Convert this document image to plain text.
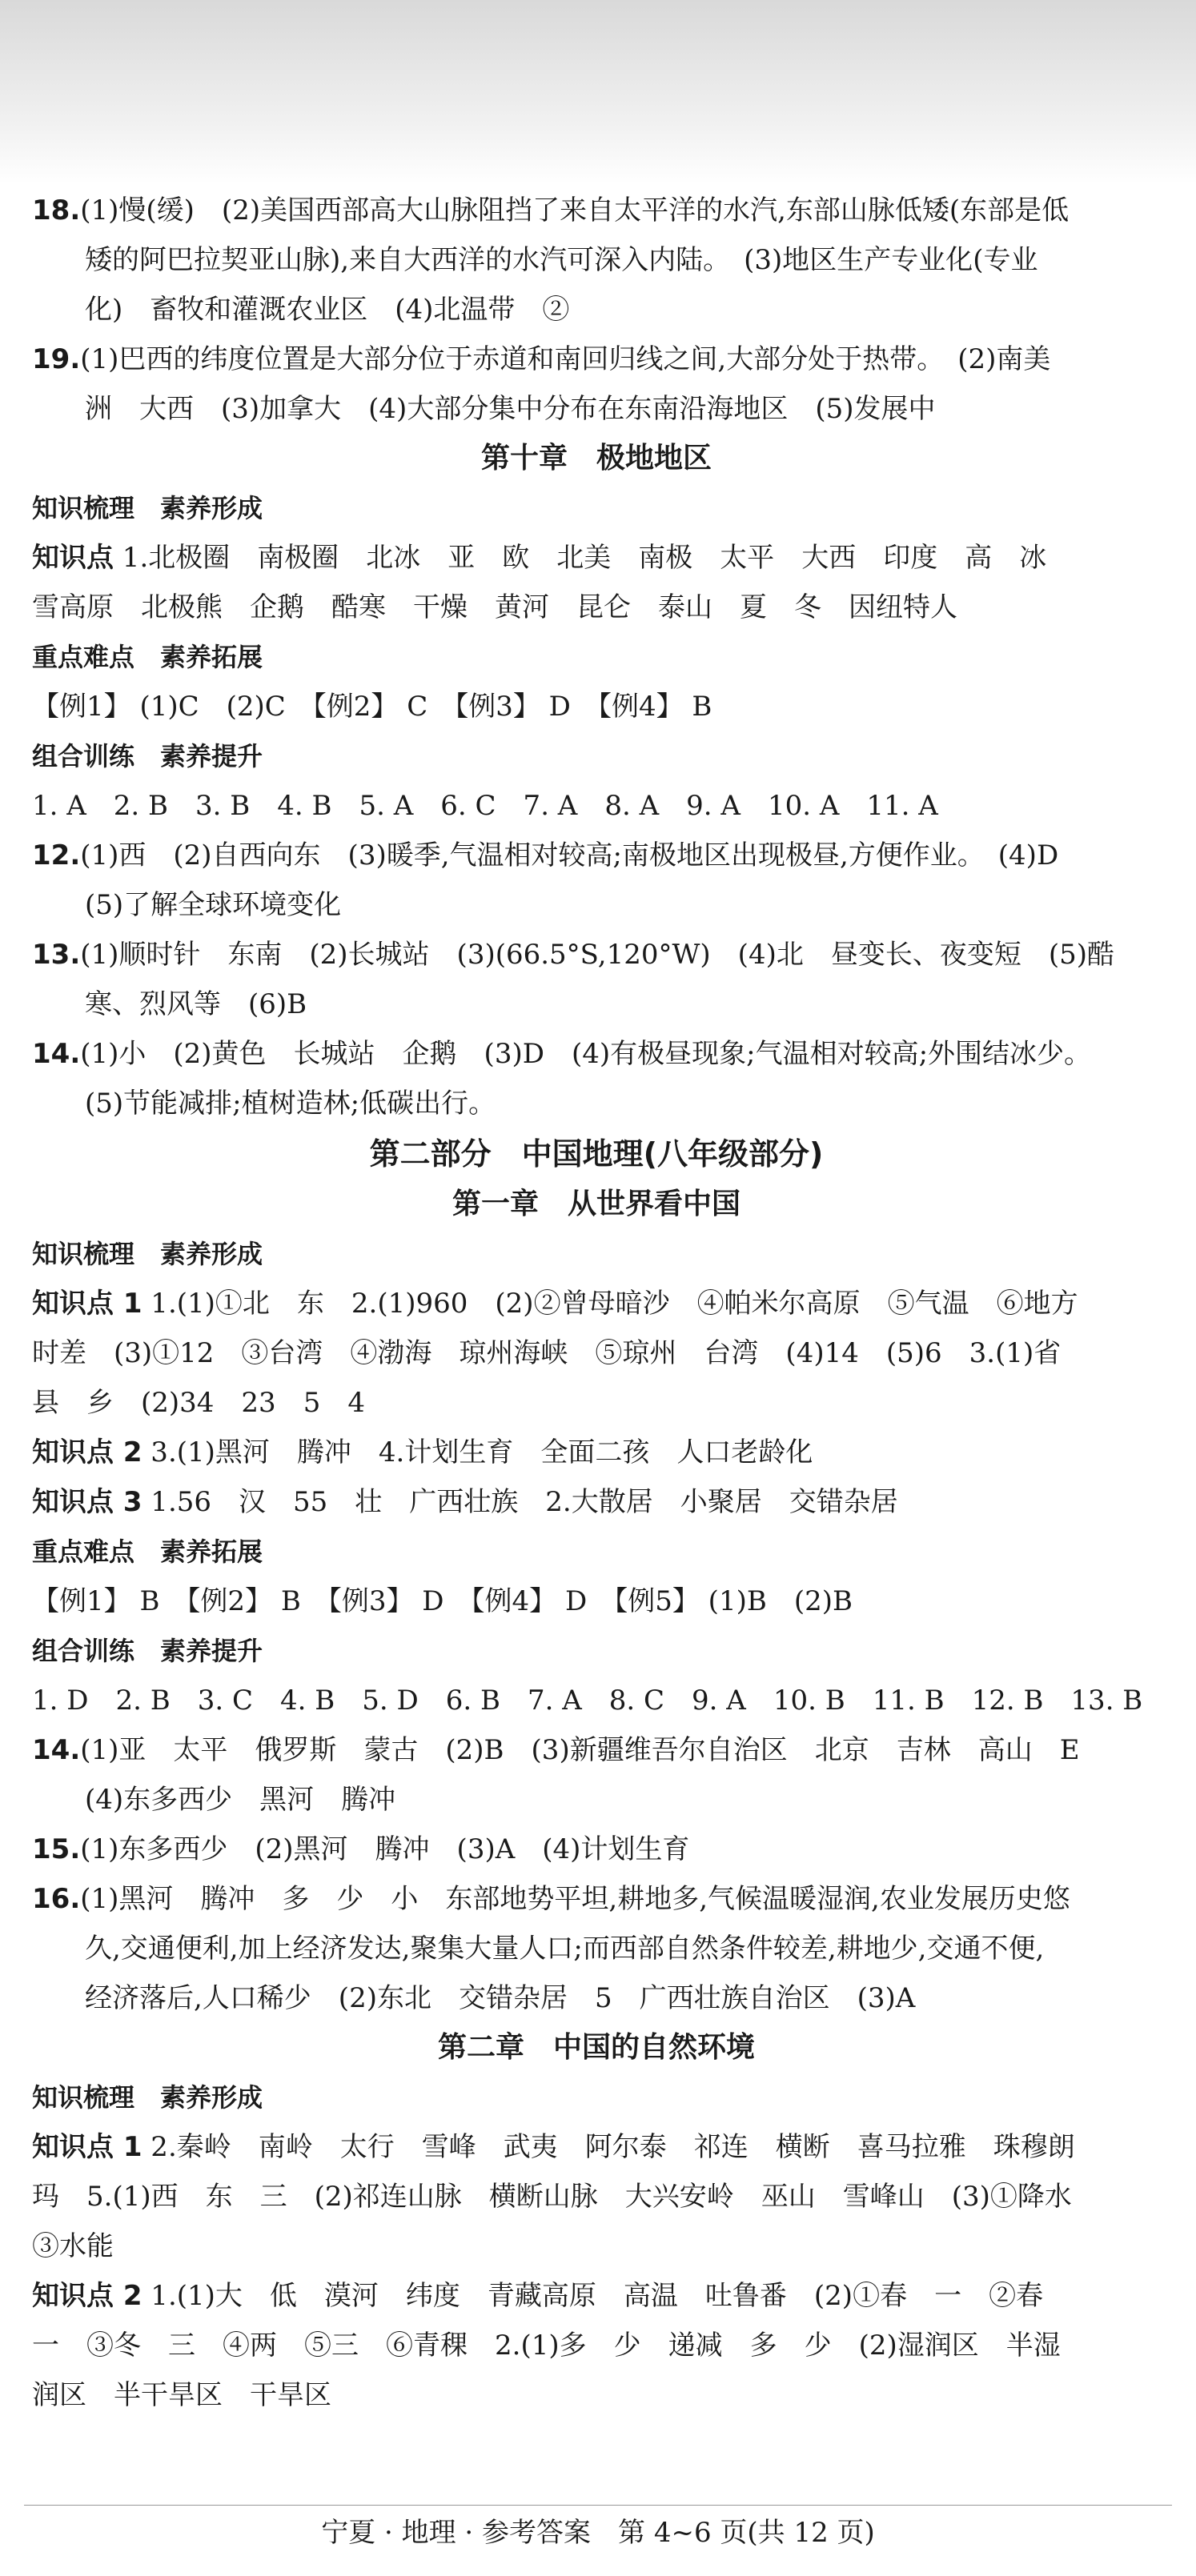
18.(1)慢(缓)　(2)美国西部高大山脉阻挡了来自太平洋的水汽,东部山脉低矮(东部是低
矮的阿巴拉契亚山脉),来自大西洋的水汽可深入内陆。　(3)地区生产专业化(专业
化)　畜牧和灌溉农业区　(4)北温带　②
19.(1)巴西的纬度位置是大部分位于赤道和南回归线之间,大部分处于热带。　(2)南美
洲　大西　(3)加拿大　(4)大部分集中分布在东南沿海地区　(5)发展中
第十章　极地地区
知识梳理　素养形成
知识点 1.北极圈　南极圈　北冰　亚　欧　北美　南极　太平　大西　印度　高　冰
雪高原　北极熊　企鹅　酷寒　干燥　黄河　昆仑　泰山　夏　冬　因纽特人
重点难点　素养拓展
【例1】 (1)C　(2)C　【例2】 C　【例3】 D　【例4】 B
组合训练　素养提升
1. A　2. B　3. B　4. B　5. A　6. C　7. A　8. A　9. A　10. A　11. A
12.(1)西　(2)自西向东　(3)暖季,气温相对较高;南极地区出现极昼,方便作业。　(4)D
(5)了解全球环境变化
13.(1)顺时针　东南　(2)长城站　(3)(66.5°S,120°W)　(4)北　昼变长、夜变短　(5)酷
寒、烈风等　(6)B
14.(1)小　(2)黄色　长城站　企鹅　(3)D　(4)有极昼现象;气温相对较高;外围结冰少。
(5)节能减排;植树造林;低碳出行。
第二部分　中国地理(八年级部分)
第一章　从世界看中国
知识梳理　素养形成
知识点 1 1.(1)①北　东　2.(1)960　(2)②曾母暗沙　④帕米尔高原　⑤气温　⑥地方
时差　(3)①12　③台湾　④渤海　琼州海峡　⑤琼州　台湾　(4)14　(5)6　3.(1)省
县　乡　(2)34　23　5　4
知识点 2 3.(1)黑河　腾冲　4.计划生育　全面二孩　人口老龄化
知识点 3 1.56　汉　55　壮　广西壮族　2.大散居　小聚居　交错杂居
重点难点　素养拓展
【例1】 B　【例2】 B　【例3】 D　【例4】 D　【例5】 (1)B　(2)B
组合训练　素养提升
1. D　2. B　3. C　4. B　5. D　6. B　7. A　8. C　9. A　10. B　11. B　12. B　13. B
14.(1)亚　太平　俄罗斯　蒙古　(2)B　(3)新疆维吾尔自治区　北京　吉林　高山　E
(4)东多西少　黑河　腾冲
15.(1)东多西少　(2)黑河　腾冲　(3)A　(4)计划生育
16.(1)黑河　腾冲　多　少　小　东部地势平坦,耕地多,气候温暖湿润,农业发展历史悠
久,交通便利,加上经济发达,聚集大量人口;而西部自然条件较差,耕地少,交通不便,
经济落后,人口稀少　(2)东北　交错杂居　5　广西壮族自治区　(3)A
第二章　中国的自然环境
知识梳理　素养形成
知识点 1 2.秦岭　南岭　太行　雪峰　武夷　阿尔泰　祁连　横断　喜马拉雅　珠穆朗
玛　5.(1)西　东　三　(2)祁连山脉　横断山脉　大兴安岭　巫山　雪峰山　(3)①降水
③水能
知识点 2 1.(1)大　低　漠河　纬度　青藏高原　高温　吐鲁番　(2)①春　一　②春
一　③冬　三　④两　⑤三　⑥青稞　2.(1)多　少　递减　多　少　(2)湿润区　半湿
润区　半干旱区　干旱区
宁夏 · 地理 · 参考答案　第 4~6 页(共 12 页)
